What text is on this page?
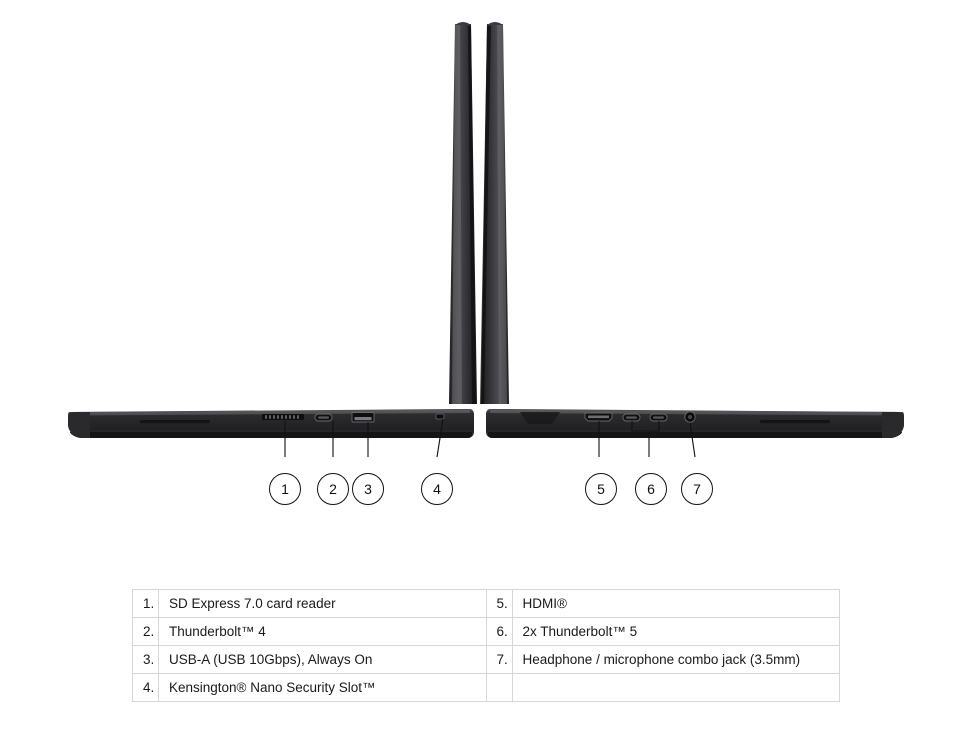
1	2	3	4	5	6	7
1.	SD Express 7.0 card reader	5.	HDMI®
2.	Thunderbolt™ 4	6.	2x Thunderbolt™ 5
3.	USB-A (USB 10Gbps), Always On	7.	Headphone / microphone combo jack (3.5mm)
4.	Kensington® Nano Security Slot™		
